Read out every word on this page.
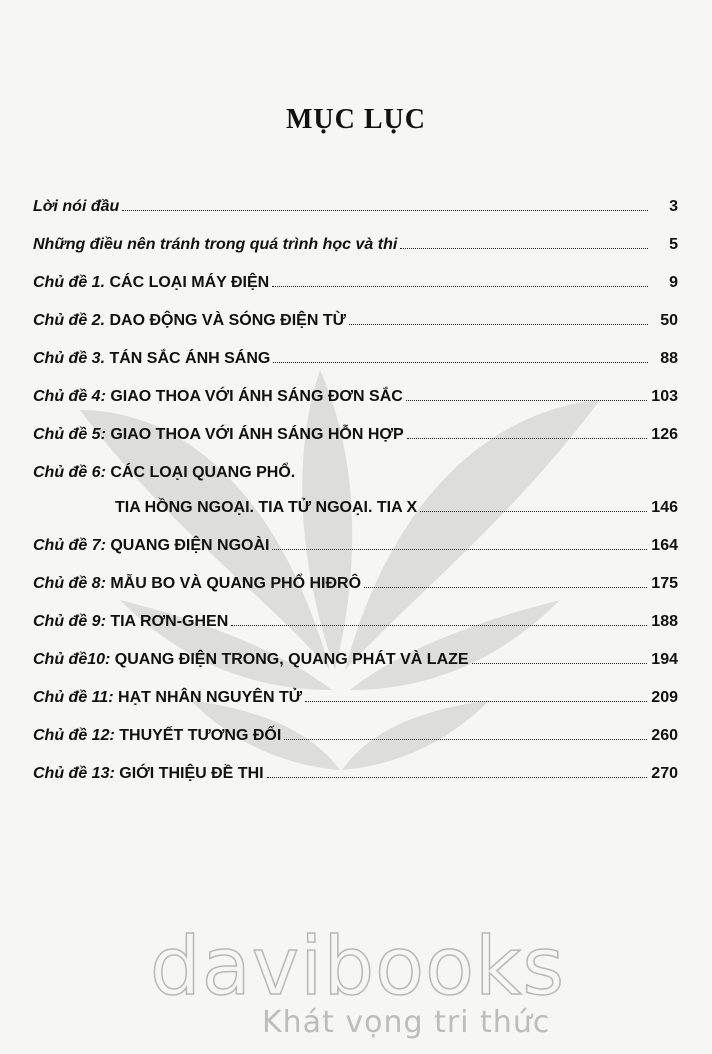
MỤC LỤC
Lời nói đầu	3
Những điều nên tránh trong quá trình học và thi	5
Chủ đề 1. CÁC LOẠI MÁY ĐIỆN	9
Chủ đề 2. DAO ĐỘNG VÀ SÓNG ĐIỆN TỪ	50
Chủ đề 3. TÁN SẮC ÁNH SÁNG	88
Chủ đề 4: GIAO THOA VỚI ÁNH SÁNG ĐƠN SẮC	103
Chủ đề 5: GIAO THOA VỚI ÁNH SÁNG HỖN HỢP	126
Chủ đề 6: CÁC LOẠI QUANG PHỔ.
TIA HỒNG NGOẠI. TIA TỬ NGOẠI. TIA X	146
Chủ đề 7: QUANG ĐIỆN NGOÀI	164
Chủ đề 8: MẪU BO VÀ QUANG PHỔ HIĐRÔ	175
Chủ đề 9: TIA RƠN-GHEN	188
Chủ đề10: QUANG ĐIỆN TRONG, QUANG PHÁT VÀ LAZE	194
Chủ đề 11: HẠT NHÂN NGUYÊN TỬ	209
Chủ đề 12: THUYẾT TƯƠNG ĐỐI	260
Chủ đề 13: GIỚI THIỆU ĐỀ THI	270
davibooks
Khát vọng tri thức
